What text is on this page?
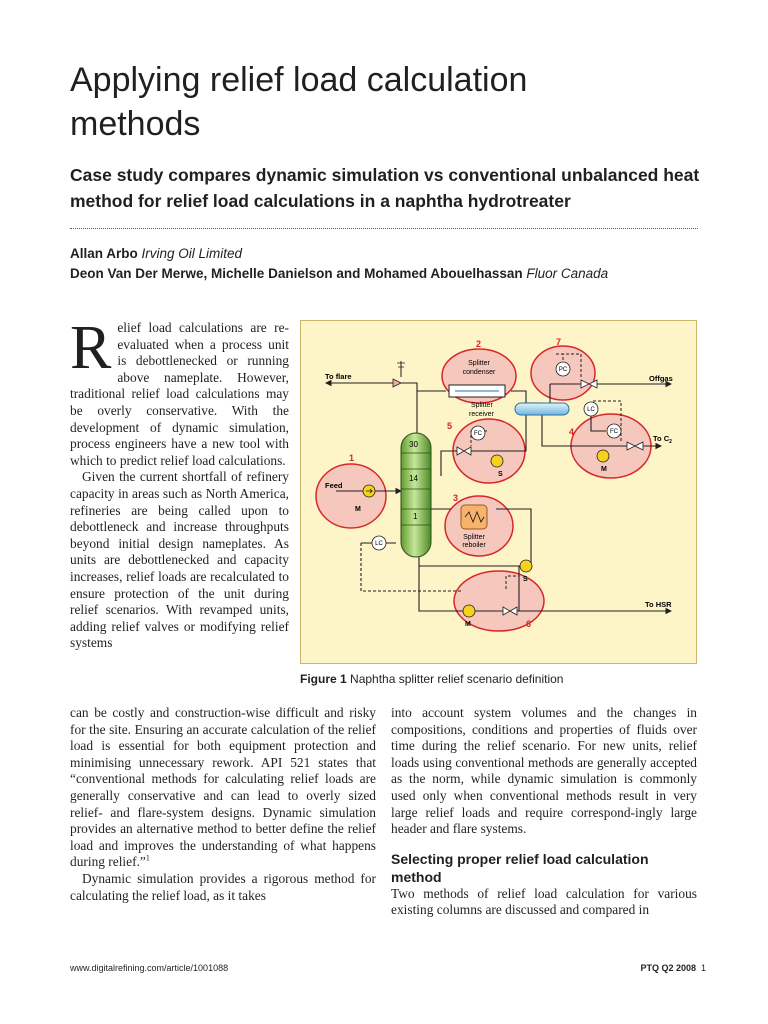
Applying relief load calculation
methods
Case study compares dynamic simulation vs conventional unbalanced heat
method for relief load calculations in a naphtha hydrotreater
Allan Arbo Irving Oil Limited
Deon Van Der Merwe, Michelle Danielson and Mohamed Abouelhassan Fluor Canada

Relief load calculations are re-evaluated when a process unit is debottlenecked or running above nameplate. However, traditional relief load calculations may be overly conservative. With the development of dynamic simulation, process engineers have a new tool with which to predict relief load calculations.

Given the current shortfall of refinery capacity in areas such as North America, refineries are being called upon to debottleneck and increase throughputs beyond initial design nameplates. As units are debottlenecked and capacity increases, relief loads are recalculated to ensure protection of the unit during relief scenarios. With revamped units, adding relief valves or modifying relief systems

can be costly and construction-wise difficult and risky for the site. Ensuring an accurate calculation of the relief load is essential for both equipment protection and minimising unnecessary rework. API 521 states that “conventional methods for calculating relief loads are generally conservative and can lead to overly sized relief- and flare-system designs. Dynamic simulation provides an alternative method to better define the relief load and improves the understanding of what happens during relief.”$^1$

Dynamic simulation provides a rigorous method for calculating the relief load, as it takes

into account system volumes and the changes in compositions, conditions and properties of fluids over time during the relief scenario. For new units, relief loads using conventional methods are generally accepted as the norm, while dynamic simulation is commonly used only when conventional methods result in very large relief loads and require correspond-ingly large header and flare systems.

Selecting proper relief load calculation method

Two methods of relief load calculation for various existing columns are discussed and compared in

30
14
1
Splitter
condenser
Splitter
receiver
Splitter
reboiler
PC
LC
FC
FC
LC
To flare	Offgas
To $C_2$
Feed
To HSR
M
S
M
S
M
2	7
4
5
1
3
6
Figure 1 Naphtha splitter relief scenario definition
www.digitalrefining.com/article/1001088	PTQ Q2 2008 1
